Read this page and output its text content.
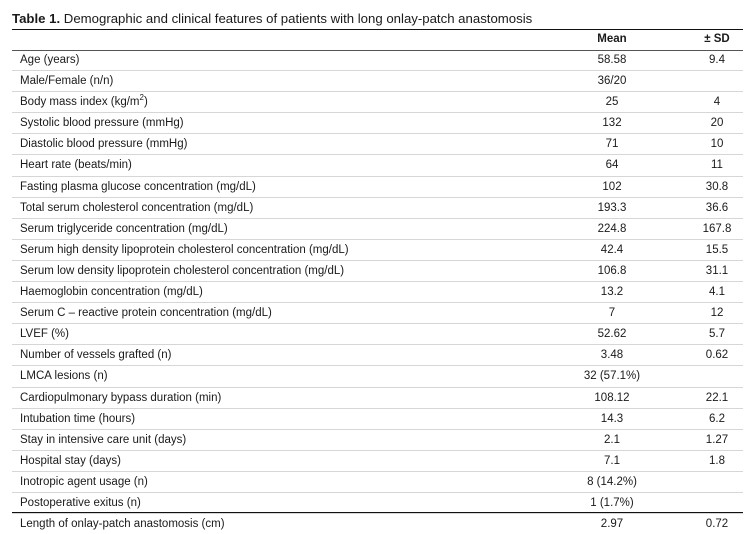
Table 1. Demographic and clinical features of patients with long onlay-patch anastomosis
Mean	± SD
Age (years)	58.58	9.4
Male/Female (n/n)	36/20
Body mass index $(kg/m^2)$	25	4
Systolic blood pressure (mmHg)	132	20
Diastolic blood pressure (mmHg)	71	10
Heart rate (beats/min)	64	11
Fasting plasma glucose concentration (mg/dL)	102	30.8
Total serum cholesterol concentration (mg/dL)	193.3	36.6
Serum triglyceride concentration (mg/dL)	224.8	167.8
Serum high density lipoprotein cholesterol concentration (mg/dL)	42.4	15.5
Serum low density lipoprotein cholesterol concentration (mg/dL)	106.8	31.1
Haemoglobin concentration (mg/dL)	13.2	4.1
Serum C – reactive protein concentration (mg/dL)	7	12
LVEF (%)	52.62	5.7
Number of vessels grafted (n)	3.48	0.62
LMCA lesions (n)	32 (57.1%)
Cardiopulmonary bypass duration (min)	108.12	22.1
Intubation time (hours)	14.3	6.2
Stay in intensive care unit (days)	2.1	1.27
Hospital stay (days)	7.1	1.8
Inotropic agent usage (n)	8 (14.2%)
Postoperative exitus (n)	1 (1.7%)
Length of onlay-patch anastomosis (cm)	2.97	0.72
